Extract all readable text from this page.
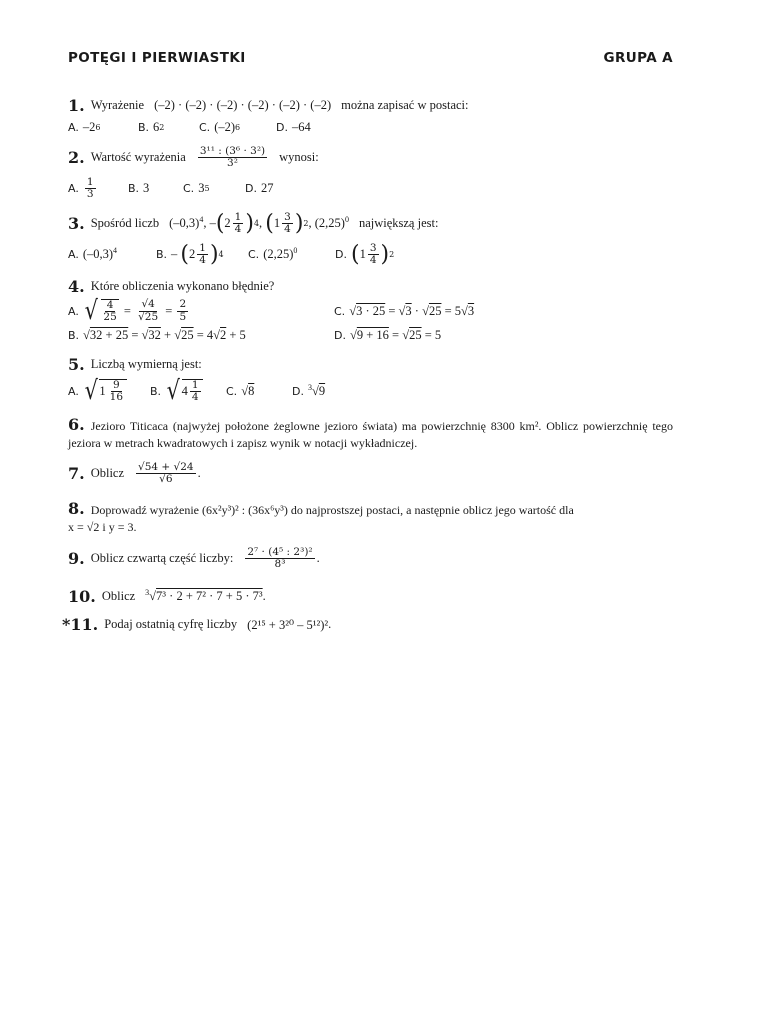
POTĘGI I PIERWIASTKI	GRUPA A
1. Wyrażenie (–2) · (–2) · (–2) · (–2) · (–2) · (–2) można zapisać w postaci:
A. –2 6	B. 6 2	C. (–2) 6	D. –64
2. Wartość wyrażenia $\frac{\text{3¹¹ : (3⁶ · 3²)}}{\text{3²}}$ wynosi:
A. $\frac{1}{3}$	B. 3	C. 3 5	D. 27
3. Spośród liczb $(-0,3)^4$, – ( $2 \frac{1}{4}$ ) 4 , ( $1 \frac{3}{4}$ ) 2 , $(2,25)^0$ największą jest:
A. $(-0,3)^4$	B. – ( $2 \frac{1}{4}$ ) 4 C. $(2,25)^0$	D. ( $1 \frac{3}{4}$ ) 2
4. Które obliczenia wykonano błędnie?
A. √ $\frac{4}{25} = \frac{√4}{√25} = \frac{2}{5}$	C. √3 · 25 = √3 · √25 = 5√3
B. √32 + 25 = √32 + √25 = 4√2 + 5	D. √9 + 16 = √25 = 5
5. Liczbą wymierną jest:
A. √ $1 \frac{9}{16} B$. √ $4 \frac{1}{4} C$. √8	D. $^3$√9
6. Jezioro Titicaca (najwyżej położone żeglowne jezioro świata) ma powierzchnię 8300 km². Oblicz powierzchnię tego jeziora w metrach kwadratowych i zapisz wynik w notacji wykładniczej.
7. Oblicz $\frac{√54 + √24}{√6}$ .
8. Doprowadź wyrażenie (6x²y³)² : (36x⁶y³) do najprostszej postaci, a następnie oblicz jego wartość dla
x = √2 i y = 3.
9. Oblicz czwartą część liczby: $\frac{\text{2⁷ · (4⁵ : 2³)²}}{\text{8³}}$ .
10. Oblicz $^3$√7³ · 2 + 7² · 7 + 5 · 7³.
*11. Podaj ostatnią cyfrę liczby (2¹⁵ + 3²⁰ – 5¹²)² .
